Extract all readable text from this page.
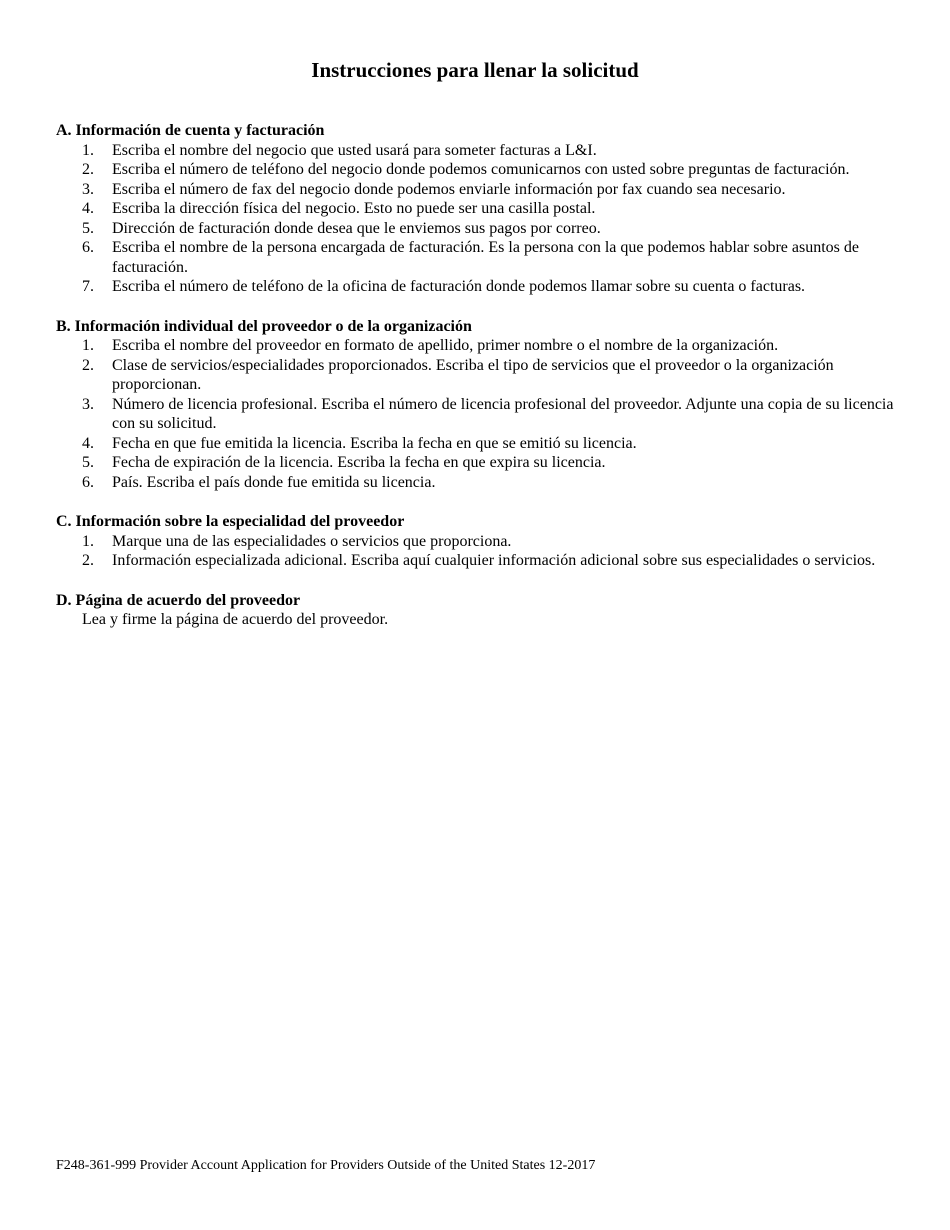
Instrucciones para llenar la solicitud
A. Información de cuenta y facturación
1.	Escriba el nombre del negocio que usted usará para someter facturas a L&I.
2.	Escriba el número de teléfono del negocio donde podemos comunicarnos con usted sobre preguntas de facturación.
3.	Escriba el número de fax del negocio donde podemos enviarle información por fax cuando sea necesario.
4.	Escriba la dirección física del negocio. Esto no puede ser una casilla postal.
5.	Dirección de facturación donde desea que le enviemos sus pagos por correo.
6.	Escriba el nombre de la persona encargada de facturación. Es la persona con la que podemos hablar sobre asuntos de facturación.
7.	Escriba el número de teléfono de la oficina de facturación donde podemos llamar sobre su cuenta o facturas.
B. Información individual del proveedor o de la organización
1.	Escriba el nombre del proveedor en formato de apellido, primer nombre o el nombre de la organización.
2.	Clase de servicios/especialidades proporcionados. Escriba el tipo de servicios que el proveedor o la organización proporcionan.
3.	Número de licencia profesional. Escriba el número de licencia profesional del proveedor. Adjunte una copia de su licencia con su solicitud.
4.	Fecha en que fue emitida la licencia. Escriba la fecha en que se emitió su licencia.
5.	Fecha de expiración de la licencia. Escriba la fecha en que expira su licencia.
6.	País. Escriba el país donde fue emitida su licencia.
C. Información sobre la especialidad del proveedor
1.	Marque una de las especialidades o servicios que proporciona.
2.	Información especializada adicional. Escriba aquí cualquier información adicional sobre sus especialidades o servicios.
D. Página de acuerdo del proveedor
Lea y firme la página de acuerdo del proveedor.
F248-361-999 Provider Account Application for Providers Outside of the United States 12-2017
